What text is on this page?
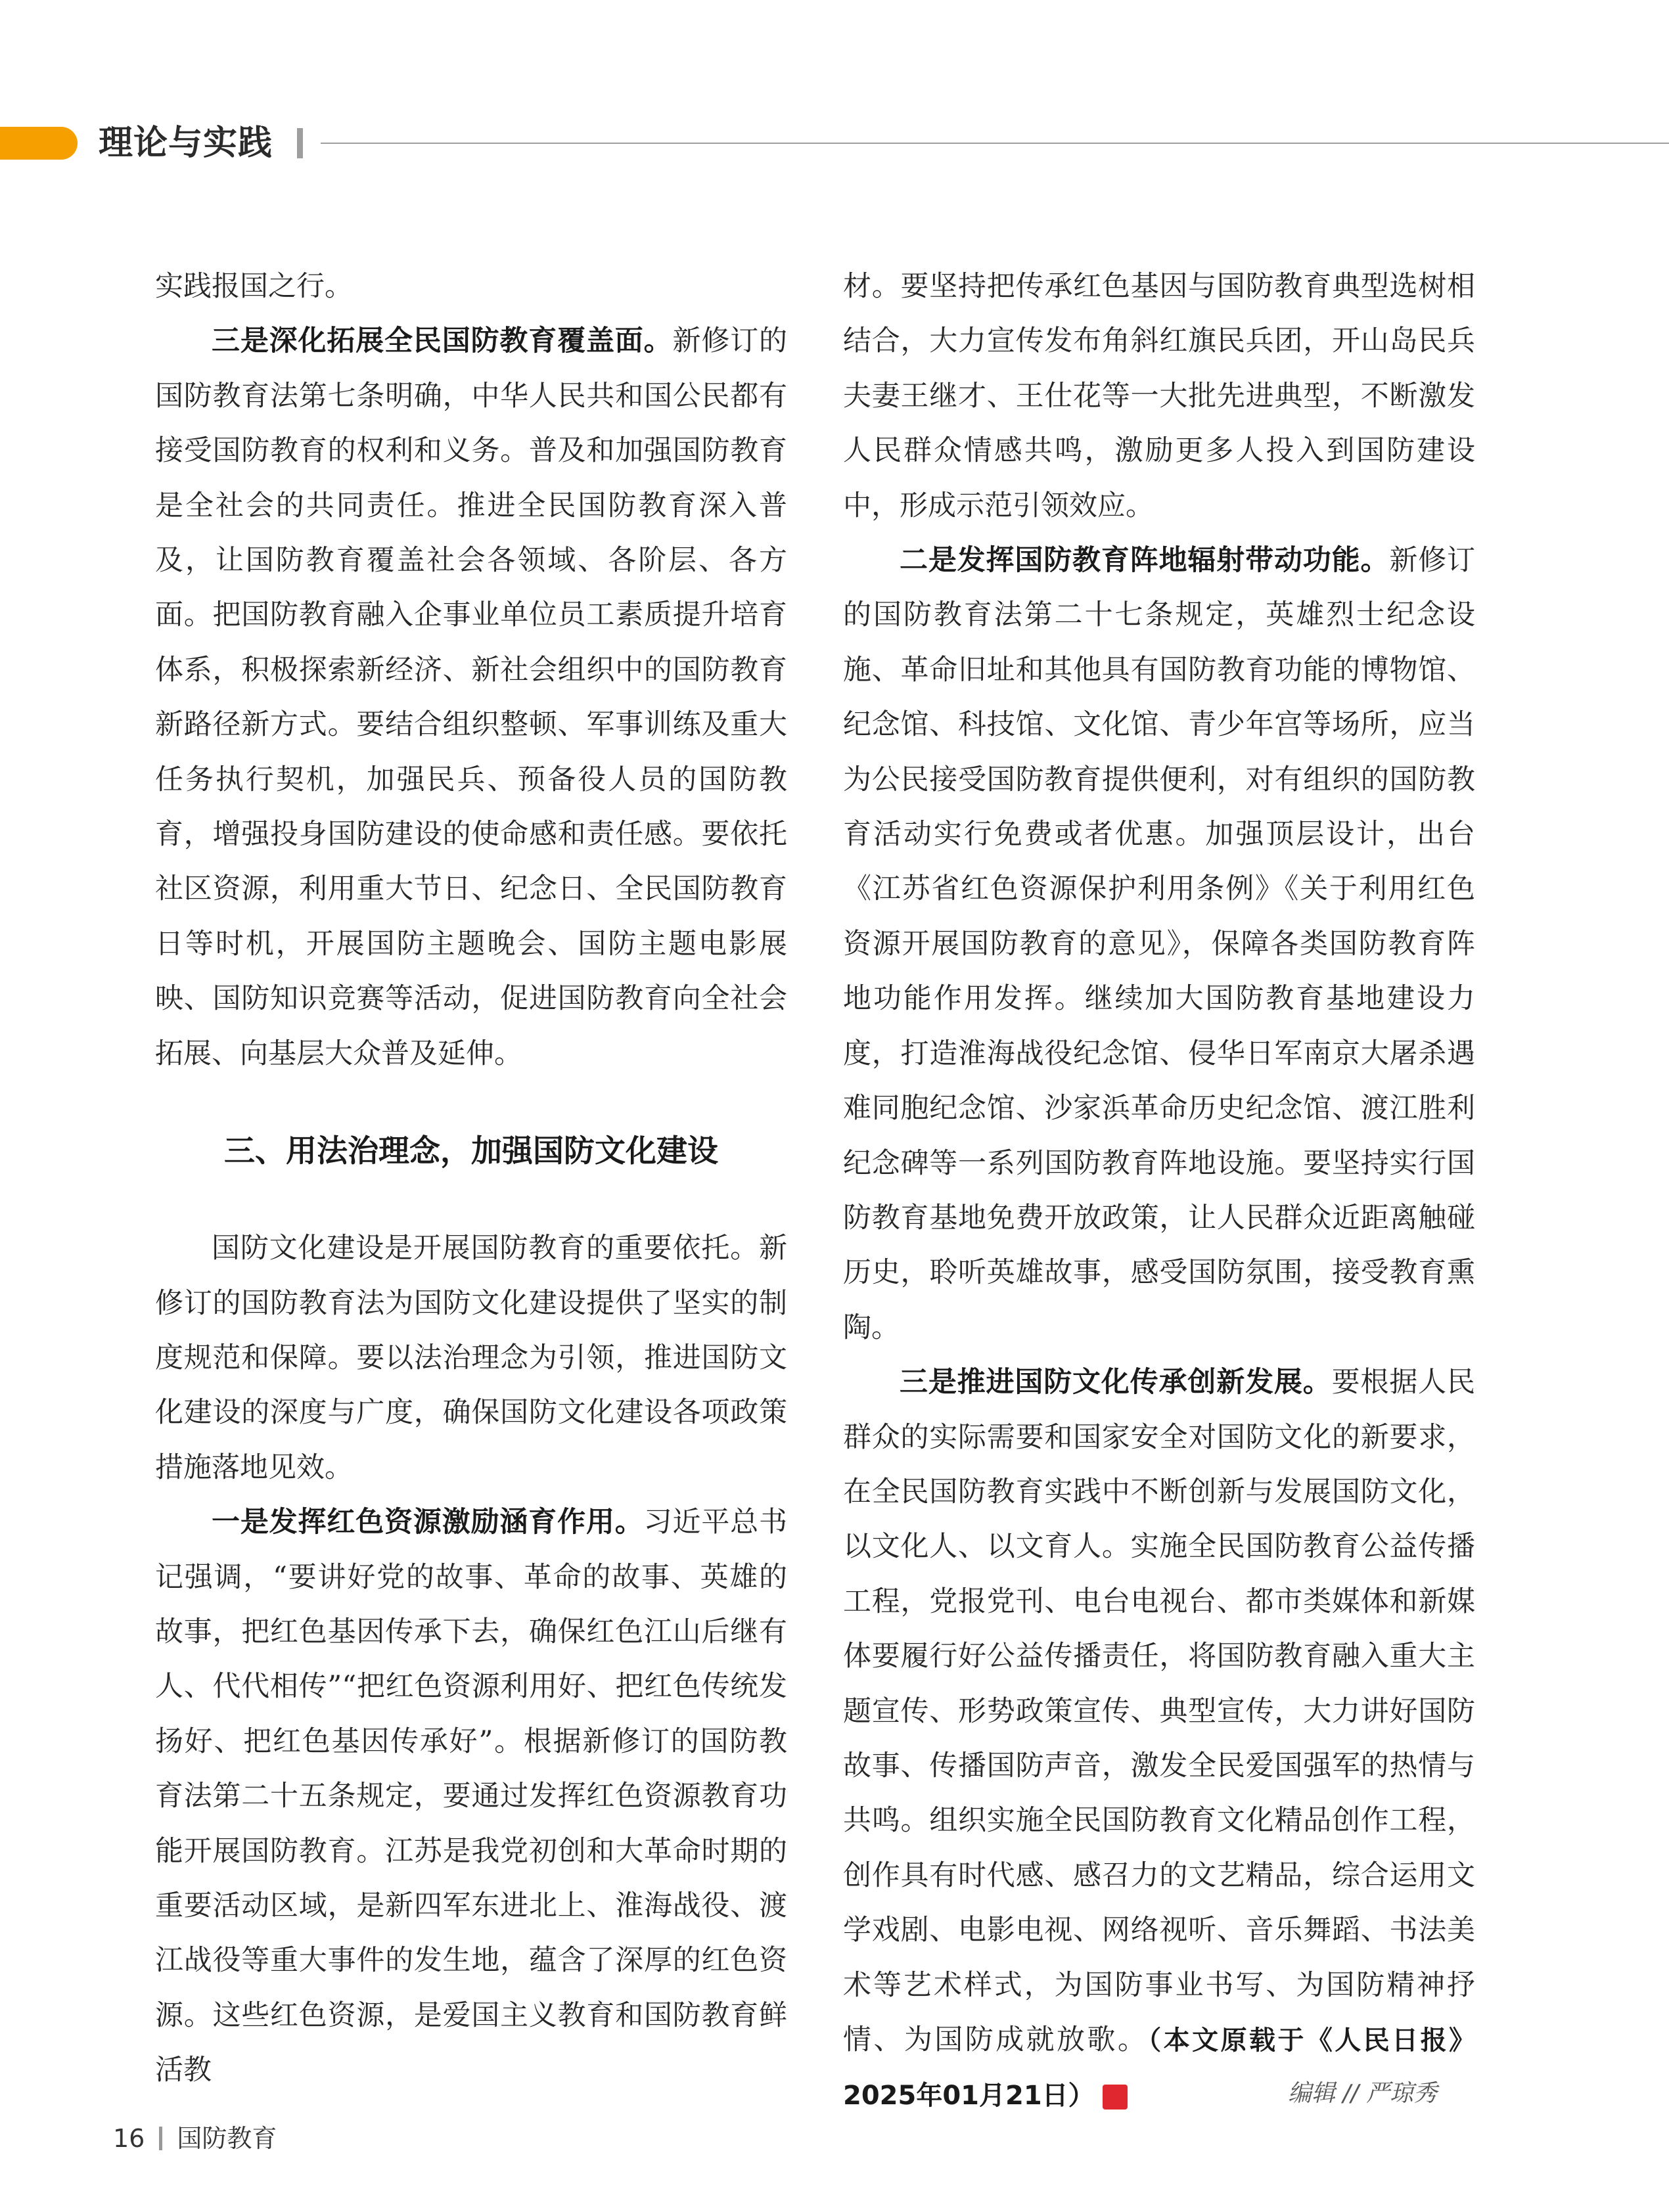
理论与实践

实践报国之行。

三是深化拓展全民国防教育覆盖面。新修订的国防教育法第七条明确，中华人民共和国公民都有接受国防教育的权利和义务。普及和加强国防教育是全社会的共同责任。推进全民国防教育深入普及，让国防教育覆盖社会各领域、各阶层、各方面。把国防教育融入企事业单位员工素质提升培育体系，积极探索新经济、新社会组织中的国防教育新路径新方式。要结合组织整顿、军事训练及重大任务执行契机，加强民兵、预备役人员的国防教育，增强投身国防建设的使命感和责任感。要依托社区资源，利用重大节日、纪念日、全民国防教育日等时机，开展国防主题晚会、国防主题电影展映、国防知识竞赛等活动，促进国防教育向全社会拓展、向基层大众普及延伸。

三、用法治理念，加强国防文化建设

国防文化建设是开展国防教育的重要依托。新修订的国防教育法为国防文化建设提供了坚实的制度规范和保障。要以法治理念为引领，推进国防文化建设的深度与广度，确保国防文化建设各项政策措施落地见效。

一是发挥红色资源激励涵育作用。习近平总书记强调，“要讲好党的故事、革命的故事、英雄的故事，把红色基因传承下去，确保红色江山后继有人、代代相传”“把红色资源利用好、把红色传统发扬好、把红色基因传承好”。根据新修订的国防教育法第二十五条规定，要通过发挥红色资源教育功能开展国防教育。江苏是我党初创和大革命时期的重要活动区域，是新四军东进北上、淮海战役、渡江战役等重大事件的发生地，蕴含了深厚的红色资源。这些红色资源，是爱国主义教育和国防教育鲜活教

材。要坚持把传承红色基因与国防教育典型选树相结合，大力宣传发布角斜红旗民兵团，开山岛民兵夫妻王继才、王仕花等一大批先进典型，不断激发人民群众情感共鸣，激励更多人投入到国防建设中，形成示范引领效应。

二是发挥国防教育阵地辐射带动功能。新修订的国防教育法第二十七条规定，英雄烈士纪念设施、革命旧址和其他具有国防教育功能的博物馆、纪念馆、科技馆、文化馆、青少年宫等场所，应当为公民接受国防教育提供便利，对有组织的国防教育活动实行免费或者优惠。加强顶层设计，出台《江苏省红色资源保护利用条例》《关于利用红色资源开展国防教育的意见》，保障各类国防教育阵地功能作用发挥。继续加大国防教育基地建设力度，打造淮海战役纪念馆、侵华日军南京大屠杀遇难同胞纪念馆、沙家浜革命历史纪念馆、渡江胜利纪念碑等一系列国防教育阵地设施。要坚持实行国防教育基地免费开放政策，让人民群众近距离触碰历史，聆听英雄故事，感受国防氛围，接受教育熏陶。

三是推进国防文化传承创新发展。要根据人民群众的实际需要和国家安全对国防文化的新要求，在全民国防教育实践中不断创新与发展国防文化，以文化人、以文育人。实施全民国防教育公益传播工程，党报党刊、电台电视台、都市类媒体和新媒体要履行好公益传播责任，将国防教育融入重大主题宣传、形势政策宣传、典型宣传，大力讲好国防故事、传播国防声音，激发全民爱国强军的热情与共鸣。组织实施全民国防教育文化精品创作工程，创作具有时代感、感召力的文艺精品，综合运用文学戏剧、电影电视、网络视听、音乐舞蹈、书法美术等艺术样式，为国防事业书写、为国防精神抒情、为国防成就放歌。（本文原载于《人民日报》2025年01月21日）	G	编辑 // 严琼秀
16 国防教育
